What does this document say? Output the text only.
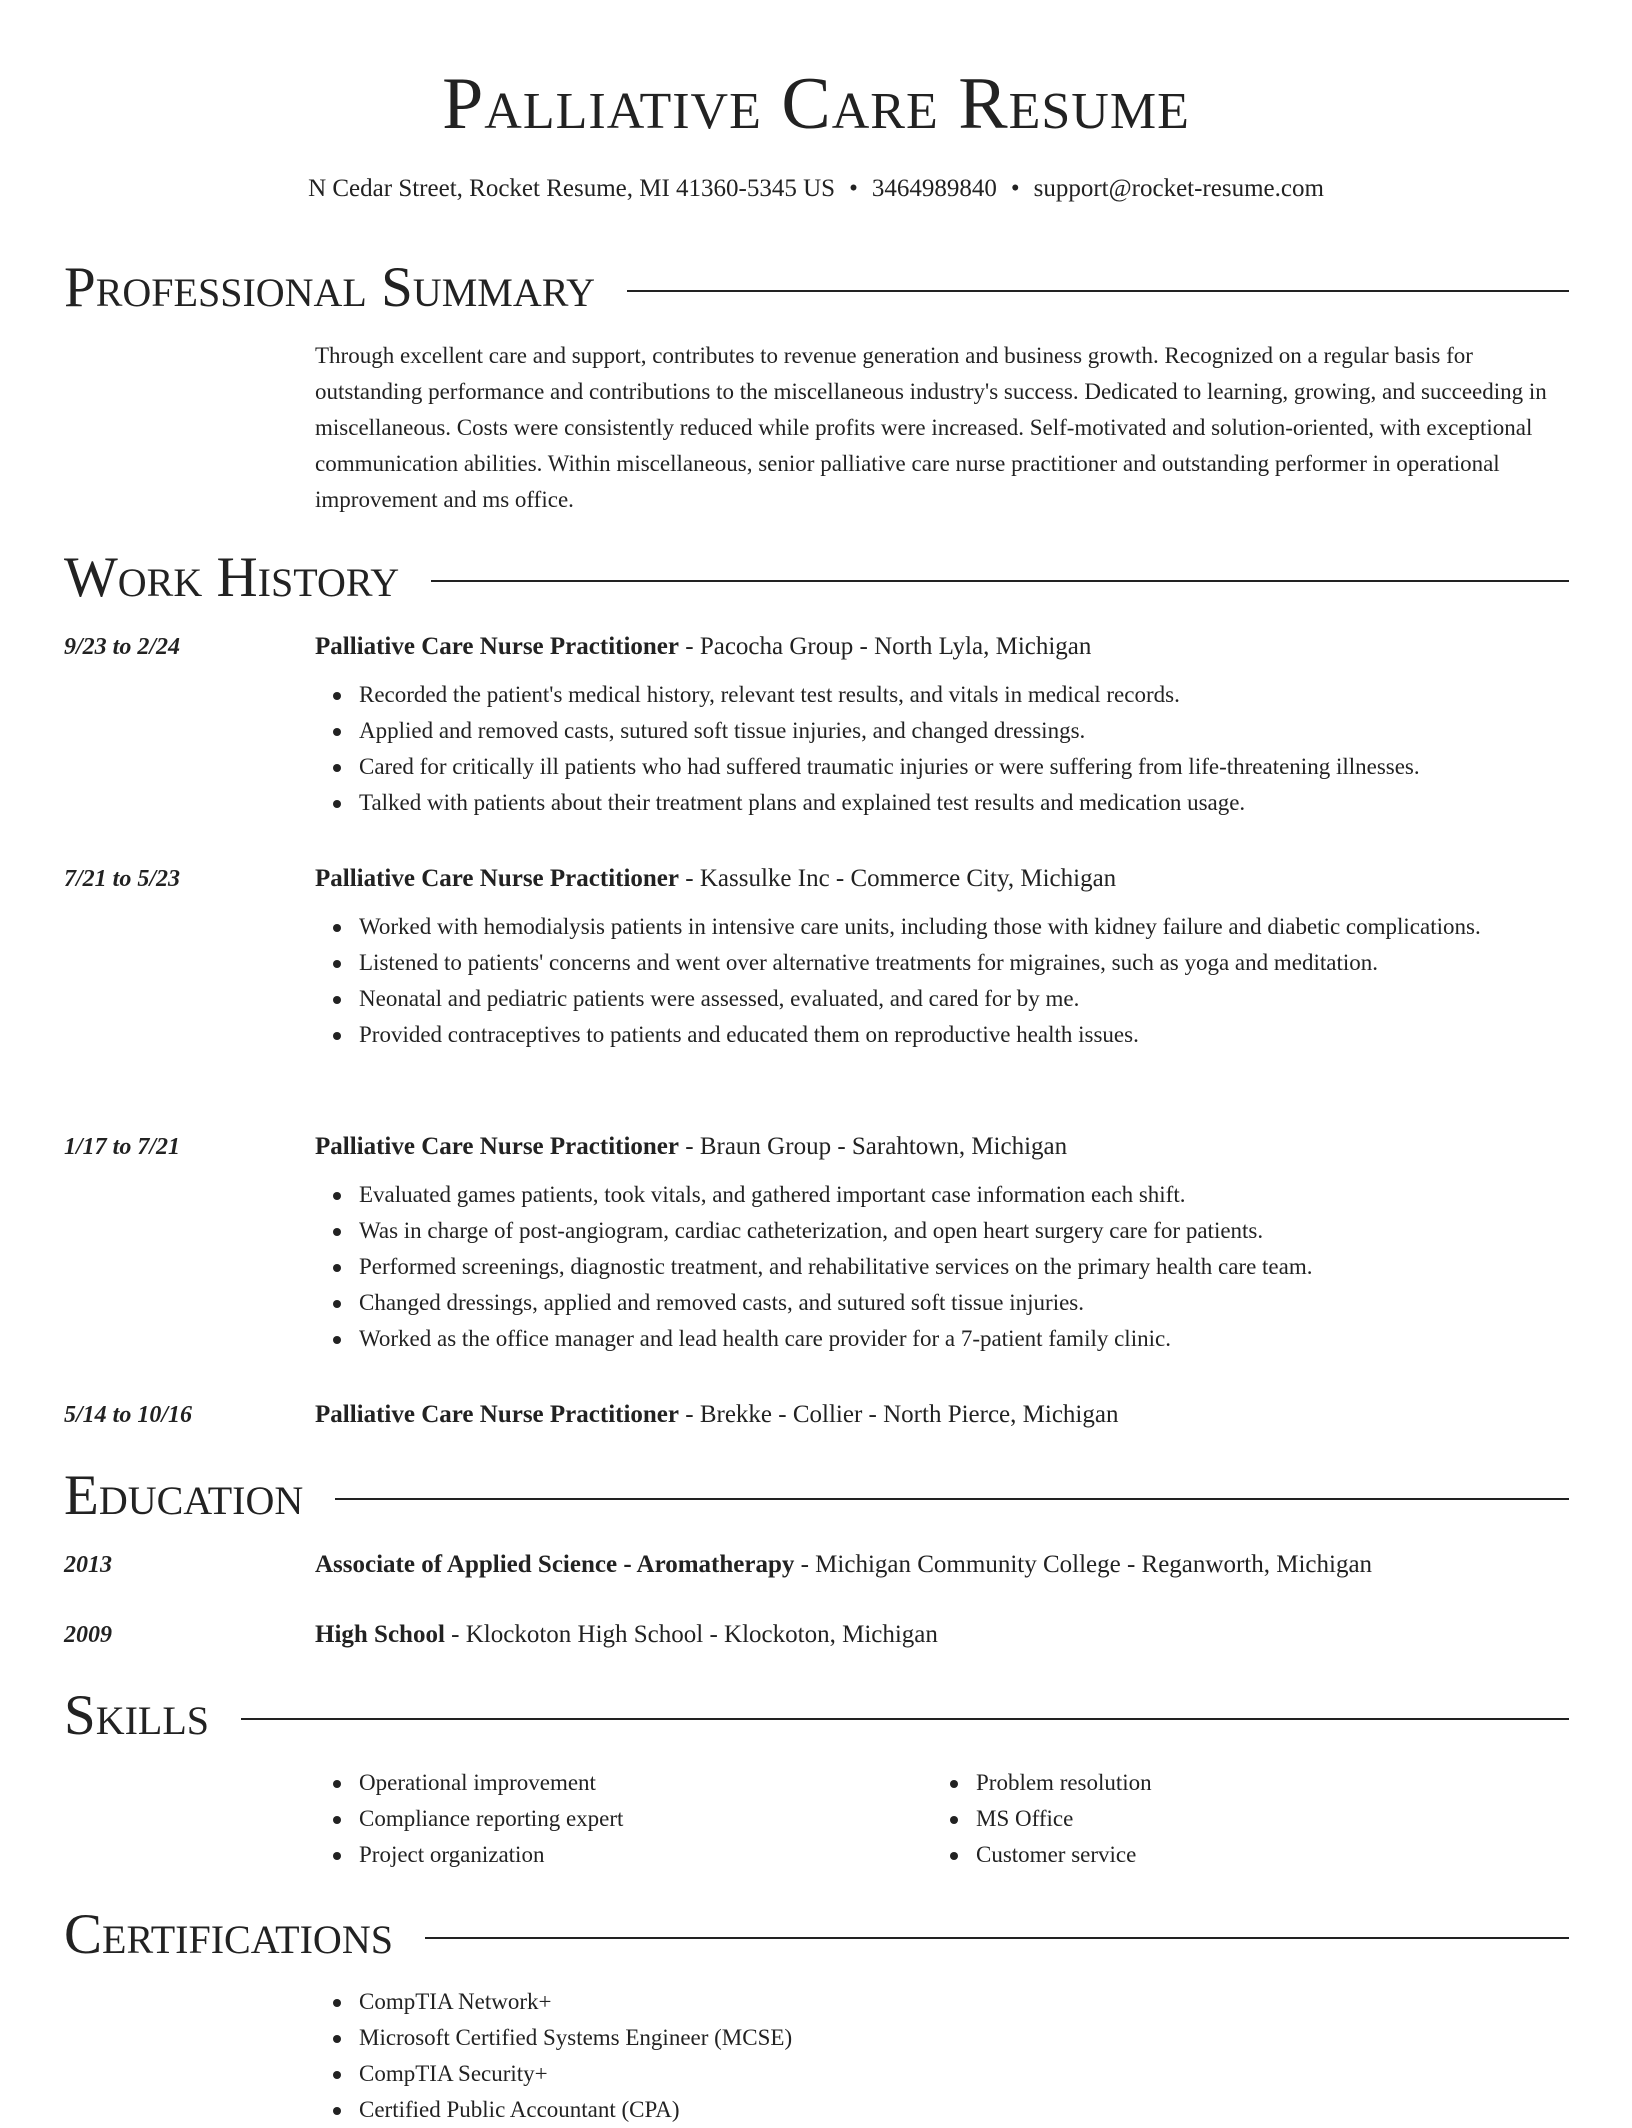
Palliative Care Resume
N Cedar Street, Rocket Resume, MI 41360-5345 US • 3464989840 • support@rocket-resume.com
Professional Summary

Through excellent care and support, contributes to revenue generation and business growth. Recognized on a regular basis for outstanding performance and contributions to the miscellaneous industry's success. Dedicated to learning, growing, and succeeding in miscellaneous. Costs were consistently reduced while profits were increased. Self-motivated and solution-oriented, with exceptional communication abilities. Within miscellaneous, senior palliative care nurse practitioner and outstanding performer in operational improvement and ms office.

Work History
9/23 to 2/24	Palliative Care Nurse Practitioner - Pacocha Group - North Lyla, Michigan
Recorded the patient's medical history, relevant test results, and vitals in medical records.
Applied and removed casts, sutured soft tissue injuries, and changed dressings.
Cared for critically ill patients who had suffered traumatic injuries or were suffering from life-threatening illnesses.
Talked with patients about their treatment plans and explained test results and medication usage.
7/21 to 5/23	Palliative Care Nurse Practitioner - Kassulke Inc - Commerce City, Michigan
Worked with hemodialysis patients in intensive care units, including those with kidney failure and diabetic complications.
Listened to patients' concerns and went over alternative treatments for migraines, such as yoga and meditation.
Neonatal and pediatric patients were assessed, evaluated, and cared for by me.
Provided contraceptives to patients and educated them on reproductive health issues.
1/17 to 7/21	Palliative Care Nurse Practitioner - Braun Group - Sarahtown, Michigan
Evaluated games patients, took vitals, and gathered important case information each shift.
Was in charge of post-angiogram, cardiac catheterization, and open heart surgery care for patients.
Performed screenings, diagnostic treatment, and rehabilitative services on the primary health care team.
Changed dressings, applied and removed casts, and sutured soft tissue injuries.
Worked as the office manager and lead health care provider for a 7-patient family clinic.
5/14 to 10/16	Palliative Care Nurse Practitioner - Brekke - Collier - North Pierce, Michigan
Education
2013	Associate of Applied Science - Aromatherapy - Michigan Community College - Reganworth, Michigan
2009	High School - Klockoton High School - Klockoton, Michigan
Skills
Operational improvement
Compliance reporting expert
Project organization
Problem resolution
MS Office
Customer service
Certifications
CompTIA Network+
Microsoft Certified Systems Engineer (MCSE)
CompTIA Security+
Certified Public Accountant (CPA)
